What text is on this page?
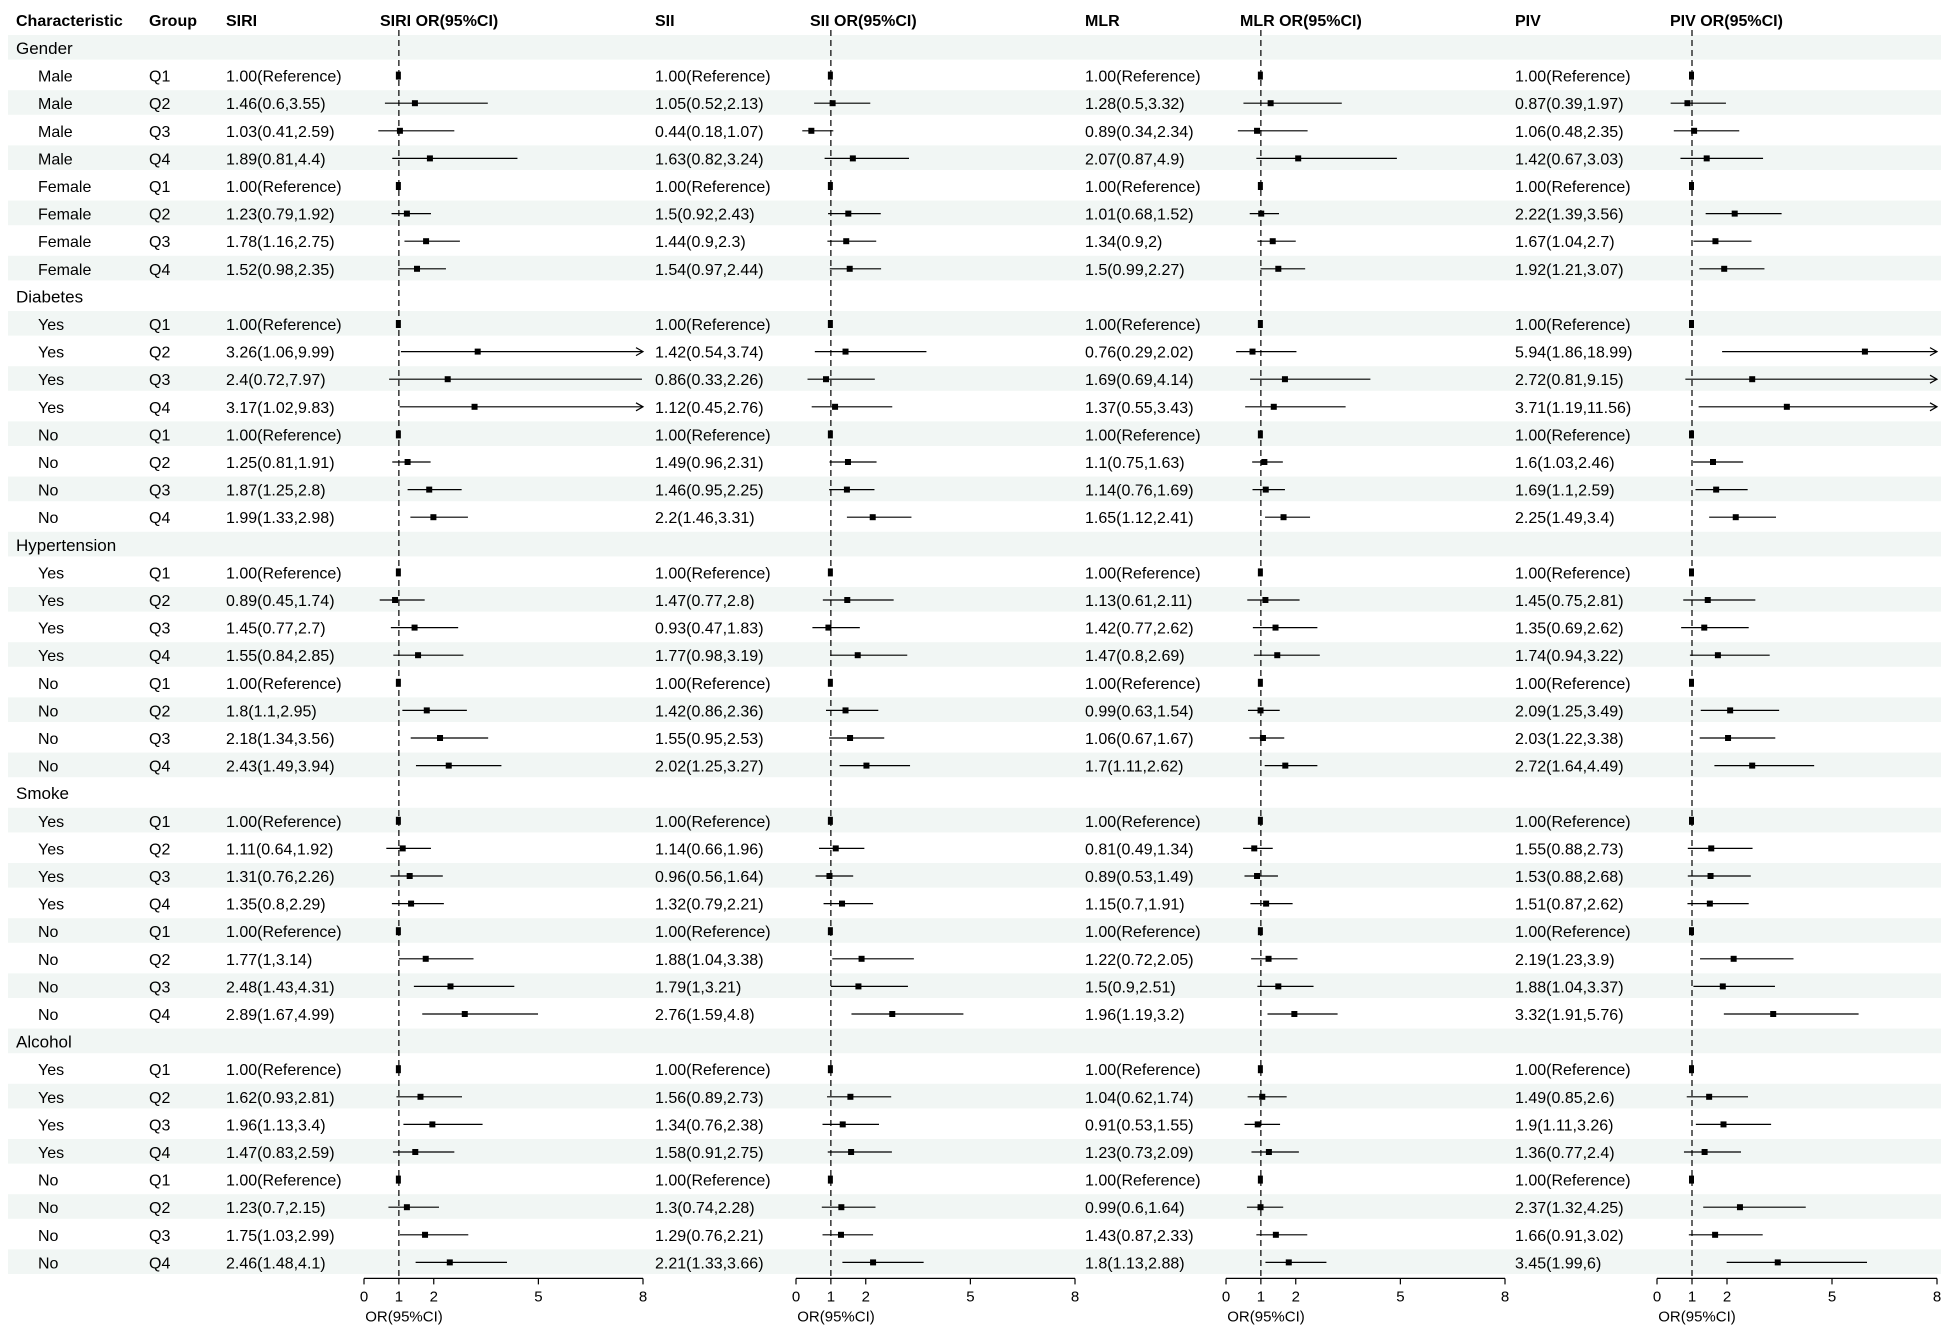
Characteristic Group SIRI	SIRI OR(95%CI)	SII	SII OR(95%CI)	MLR	MLR OR(95%CI)	PIV	PIV OR(95%CI)
Gender
Male	Q1	1.00(Reference)	1.00(Reference)	1.00(Reference)	1.00(Reference)
Male	Q2	1.46(0.6,3.55)	1.05(0.52,2.13)	1.28(0.5,3.32)	0.87(0.39,1.97)
Male	Q3	1.03(0.41,2.59)	0.44(0.18,1.07)	0.89(0.34,2.34)	1.06(0.48,2.35)
Male	Q4	1.89(0.81,4.4)	1.63(0.82,3.24)	2.07(0.87,4.9)	1.42(0.67,3.03)
Female	Q1	1.00(Reference)	1.00(Reference)	1.00(Reference)	1.00(Reference)
Female	Q2	1.23(0.79,1.92)	1.5(0.92,2.43)	1.01(0.68,1.52)	2.22(1.39,3.56)
Female	Q3	1.78(1.16,2.75)	1.44(0.9,2.3)	1.34(0.9,2)	1.67(1.04,2.7)
Female	Q4	1.52(0.98,2.35)	1.54(0.97,2.44)	1.5(0.99,2.27)	1.92(1.21,3.07)
Diabetes
Yes	Q1	1.00(Reference)	1.00(Reference)	1.00(Reference)	1.00(Reference)
Yes	Q2	3.26(1.06,9.99)	1.42(0.54,3.74)	0.76(0.29,2.02)	5.94(1.86,18.99)
Yes	Q3	2.4(0.72,7.97)	0.86(0.33,2.26)	1.69(0.69,4.14)	2.72(0.81,9.15)
Yes	Q4	3.17(1.02,9.83)	1.12(0.45,2.76)	1.37(0.55,3.43)	3.71(1.19,11.56)
No	Q1	1.00(Reference)	1.00(Reference)	1.00(Reference)	1.00(Reference)
No	Q2	1.25(0.81,1.91)	1.49(0.96,2.31)	1.1(0.75,1.63)	1.6(1.03,2.46)
No	Q3	1.87(1.25,2.8)	1.46(0.95,2.25)	1.14(0.76,1.69)	1.69(1.1,2.59)
No	Q4	1.99(1.33,2.98)	2.2(1.46,3.31)	1.65(1.12,2.41)	2.25(1.49,3.4)
Hypertension
Yes	Q1	1.00(Reference)	1.00(Reference)	1.00(Reference)	1.00(Reference)
Yes	Q2	0.89(0.45,1.74)	1.47(0.77,2.8)	1.13(0.61,2.11)	1.45(0.75,2.81)
Yes	Q3	1.45(0.77,2.7)	0.93(0.47,1.83)	1.42(0.77,2.62)	1.35(0.69,2.62)
Yes	Q4	1.55(0.84,2.85)	1.77(0.98,3.19)	1.47(0.8,2.69)	1.74(0.94,3.22)
No	Q1	1.00(Reference)	1.00(Reference)	1.00(Reference)	1.00(Reference)
No	Q2	1.8(1.1,2.95)	1.42(0.86,2.36)	0.99(0.63,1.54)	2.09(1.25,3.49)
No	Q3	2.18(1.34,3.56)	1.55(0.95,2.53)	1.06(0.67,1.67)	2.03(1.22,3.38)
No	Q4	2.43(1.49,3.94)	2.02(1.25,3.27)	1.7(1.11,2.62)	2.72(1.64,4.49)
Smoke
Yes	Q1	1.00(Reference)	1.00(Reference)	1.00(Reference)	1.00(Reference)
Yes	Q2	1.11(0.64,1.92)	1.14(0.66,1.96)	0.81(0.49,1.34)	1.55(0.88,2.73)
Yes	Q3	1.31(0.76,2.26)	0.96(0.56,1.64)	0.89(0.53,1.49)	1.53(0.88,2.68)
Yes	Q4	1.35(0.8,2.29)	1.32(0.79,2.21)	1.15(0.7,1.91)	1.51(0.87,2.62)
No	Q1	1.00(Reference)	1.00(Reference)	1.00(Reference)	1.00(Reference)
No	Q2	1.77(1,3.14)	1.88(1.04,3.38)	1.22(0.72,2.05)	2.19(1.23,3.9)
No	Q3	2.48(1.43,4.31)	1.79(1,3.21)	1.5(0.9,2.51)	1.88(1.04,3.37)
No	Q4	2.89(1.67,4.99)	2.76(1.59,4.8)	1.96(1.19,3.2)	3.32(1.91,5.76)
Alcohol
Yes	Q1	1.00(Reference)	1.00(Reference)	1.00(Reference)	1.00(Reference)
Yes	Q2	1.62(0.93,2.81)	1.56(0.89,2.73)	1.04(0.62,1.74)	1.49(0.85,2.6)
Yes	Q3	1.96(1.13,3.4)	1.34(0.76,2.38)	0.91(0.53,1.55)	1.9(1.11,3.26)
Yes	Q4	1.47(0.83,2.59)	1.58(0.91,2.75)	1.23(0.73,2.09)	1.36(0.77,2.4)
No	Q1	1.00(Reference)	1.00(Reference)	1.00(Reference)	1.00(Reference)
No	Q2	1.23(0.7,2.15)	1.3(0.74,2.28)	0.99(0.6,1.64)	2.37(1.32,4.25)
No	Q3	1.75(1.03,2.99)	1.29(0.76,2.21)	1.43(0.87,2.33)	1.66(0.91,3.02)
No	Q4	2.46(1.48,4.1)	2.21(1.33,3.66)	1.8(1.13,2.88)	3.45(1.99,6)
0 1 2	5	8
OR(95%CI)
0 1 2	5	8
OR(95%CI)
0 1 2	5	8
OR(95%CI)
0 1 2	5	8
OR(95%CI)
